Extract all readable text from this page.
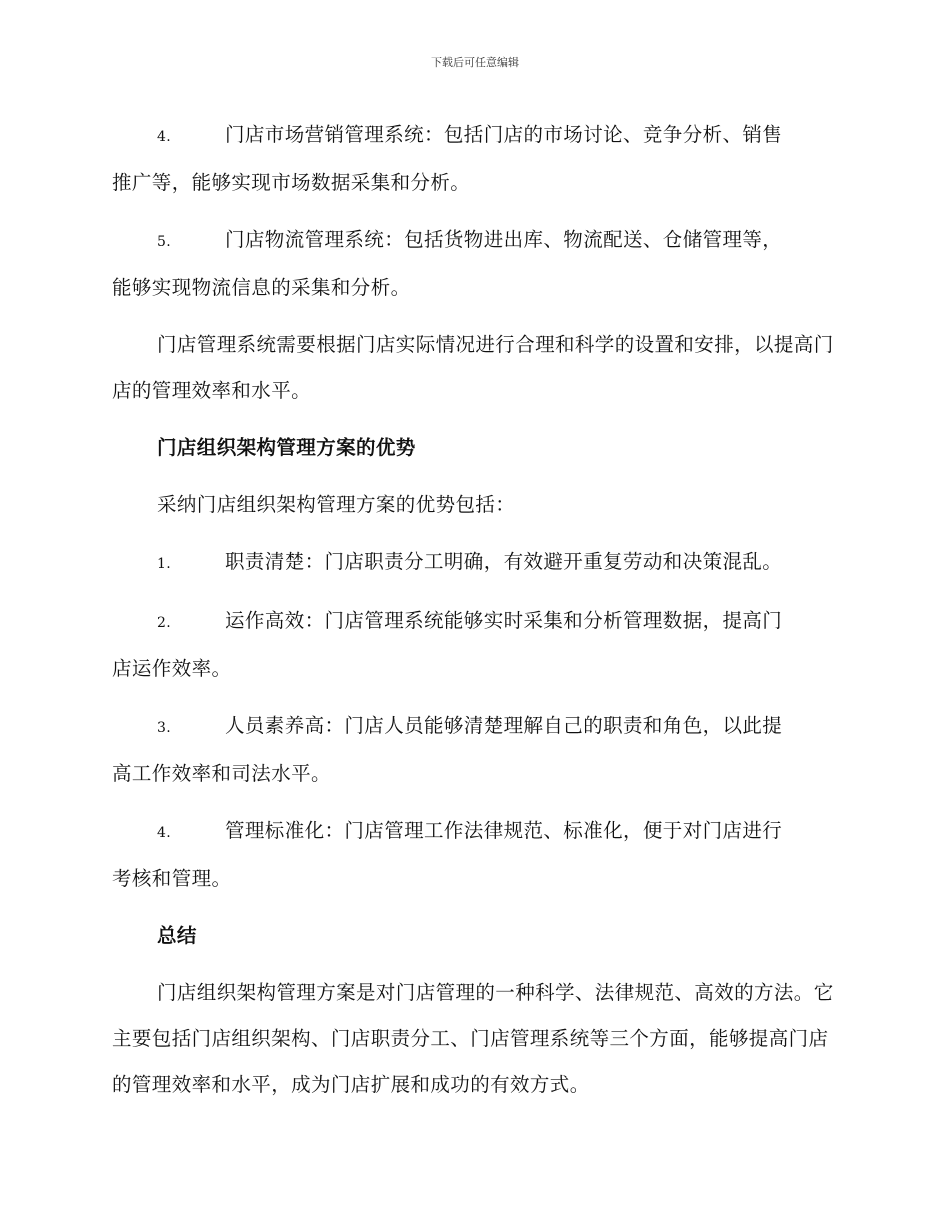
下载后可任意编辑
4.	门店市场营销管理系统：包括门店的市场讨论、竞争分析、销售
推广等，能够实现市场数据采集和分析。
5.	门店物流管理系统：包括货物进出库、物流配送、仓储管理等，
能够实现物流信息的采集和分析。

门店管理系统需要根据门店实际情况进行合理和科学的设置和安排，以提高门店的管理效率和水平。

门店组织架构管理方案的优势

采纳门店组织架构管理方案的优势包括：

1.	职责清楚：门店职责分工明确，有效避开重复劳动和决策混乱。
2.	运作高效：门店管理系统能够实时采集和分析管理数据，提高门
店运作效率。
3.	人员素养高：门店人员能够清楚理解自己的职责和角色，以此提
高工作效率和司法水平。
4.	管理标准化：门店管理工作法律规范、标准化，便于对门店进行
考核和管理。
总结

门店组织架构管理方案是对门店管理的一种科学、法律规范、高效的方法。它主要包括门店组织架构、门店职责分工、门店管理系统等三个方面，能够提高门店的管理效率和水平，成为门店扩展和成功的有效方式。
